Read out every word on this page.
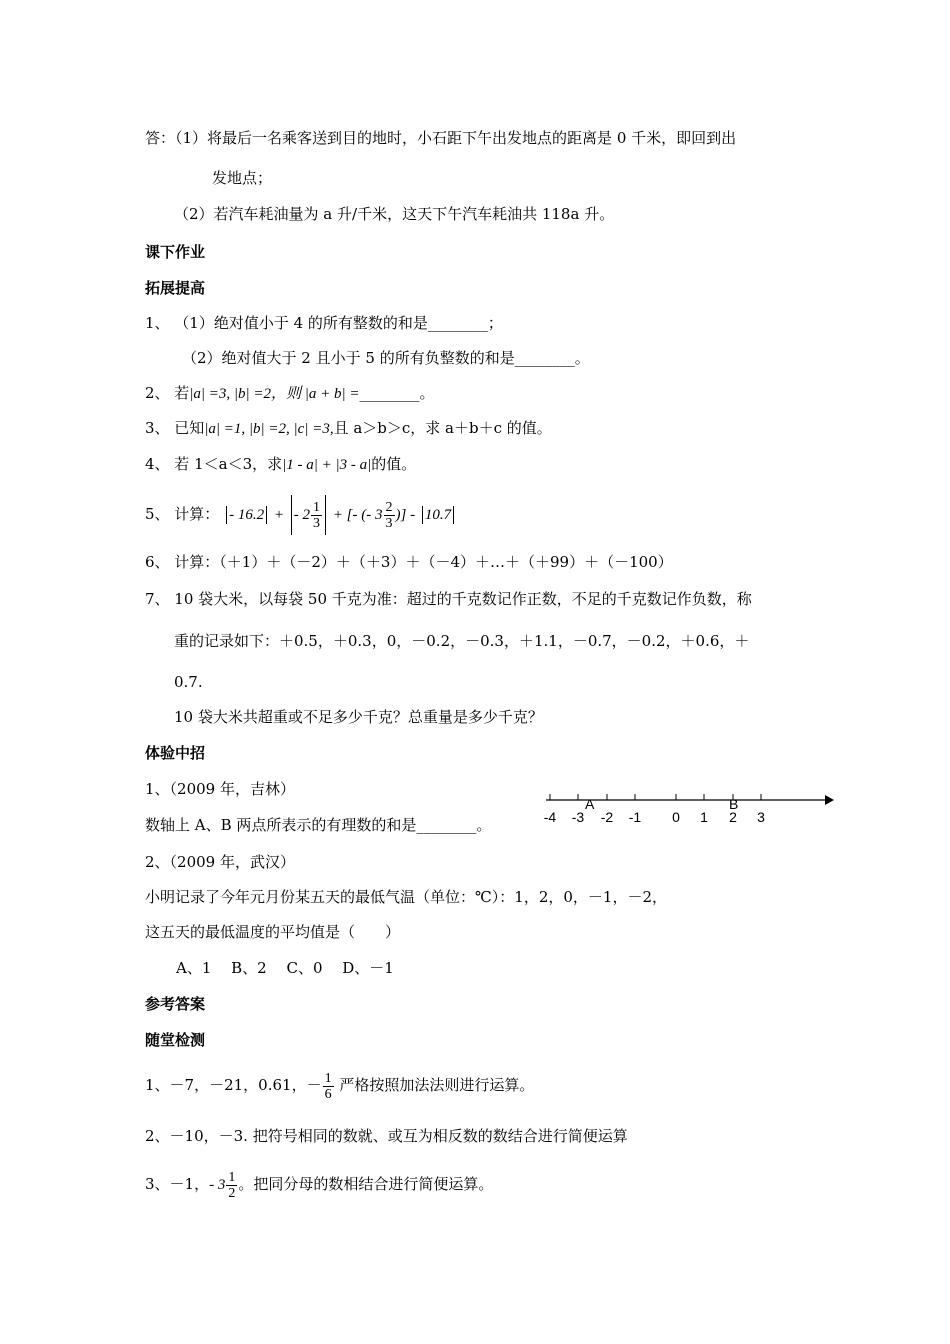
答：（1）将最后一名乘客送到目的地时，小石距下午出发地点的距离是 0 千米，即回到出
发地点；
（2）若汽车耗油量为 a 升/千米，这天下午汽车耗油共 118a 升。
课下作业
拓展提高
1、 （1）绝对值小于 4 的所有整数的和是________；
（2）绝对值大于 2 且小于 5 的所有负整数的和是________。
2、 若|a| =3, |b| =2，则 |a + b| =________。
3、 已知|a| =1, |b| =2, |c| =3,且 a＞b＞c，求 a＋b＋c 的值。
4、 若 1＜a＜3，求|1 - a| + |3 - a|的值。
5、 计算： - 16.2 + - $2 \frac{1}{3}$ + [- (- $3 \frac{2}{3}$ )] - 10.7
6、 计算：（＋1）＋（－2）＋（＋3）＋（－4）＋…＋（＋99）＋（－100）
7、 10 袋大米，以每袋 50 千克为准：超过的千克数记作正数，不足的千克数记作负数，称
重的记录如下：＋0.5，＋0.3，0，－0.2，－0.3，＋1.1，－0.7，－0.2，＋0.6，＋
0.7.
10 袋大米共超重或不足多少千克？总重量是多少千克？
体验中招
1、（2009 年，吉林）
数轴上 A、B 两点所表示的有理数的和是________。	-4 -3 -2 -1 0 1 2 3
A	B
2、（2009 年，武汉）
小明记录了今年元月份某五天的最低气温（单位：℃）：1，2，0，－1，－2，
这五天的最低温度的平均值是（　　）
A、1　 B、2　 C、0　 D、－1
参考答案
随堂检测
1、－7，－21，0.61，－ $\frac{1}{6}$ 严格按照加法法则进行运算。
2、－10，－3. 把符号相同的数就、或互为相反数的数结合进行简便运算
3、－1，- $3 \frac{1}{2}$ 。把同分母的数相结合进行简便运算。
